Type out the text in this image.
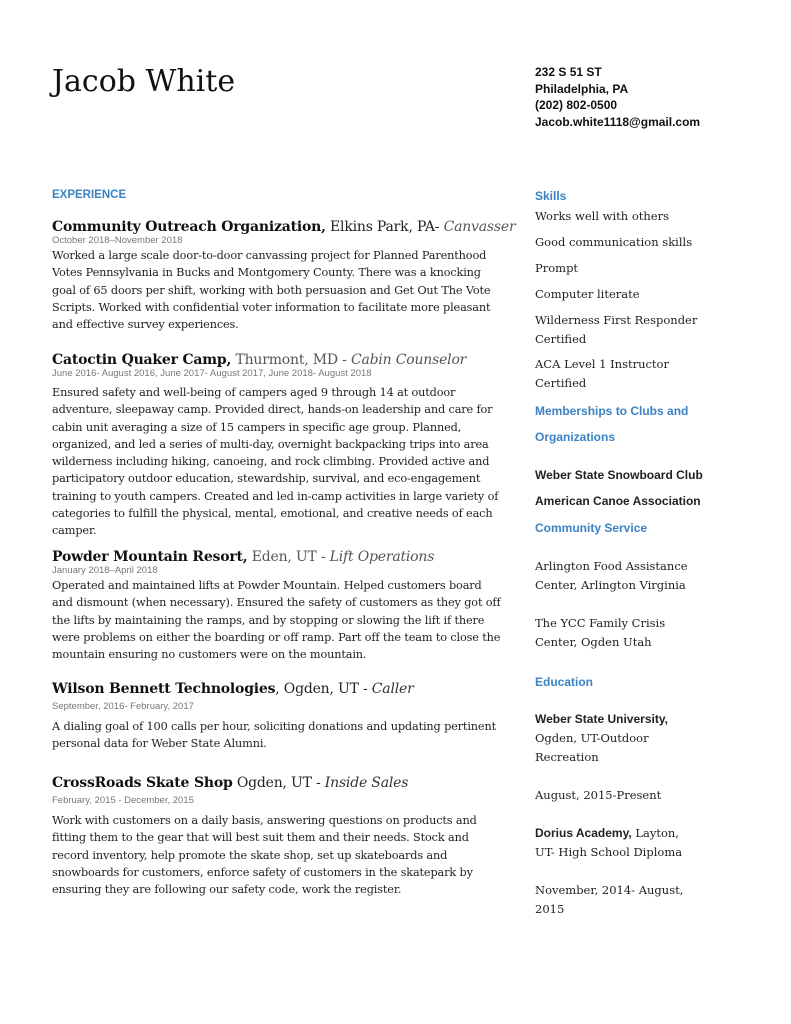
Jacob White	232 S 51 ST
Philadelphia, PA
(202) 802-0500
Jacob.white1118@gmail.com
EXPERIENCE
Community Outreach Organization, Elkins Park, PA- Canvasser
October 2018–November 2018
Worked a large scale door-to-door canvassing project for Planned Parenthood Votes Pennsylvania in Bucks and Montgomery County. There was a knocking goal of 65 doors per shift, working with both persuasion and Get Out The Vote Scripts. Worked with confidential voter information to facilitate more pleasant and effective survey experiences.
Catoctin Quaker Camp, Thurmont, MD - Cabin Counselor
June 2016- August 2016, June 2017- August 2017, June 2018- August 2018
Ensured safety and well-being of campers aged 9 through 14 at outdoor adventure, sleepaway camp. Provided direct, hands-on leadership and care for cabin unit averaging a size of 15 campers in specific age group. Planned, organized, and led a series of multi-day, overnight backpacking trips into area wilderness including hiking, canoeing, and rock climbing. Provided active and participatory outdoor education, stewardship, survival, and eco-engagement training to youth campers. Created and led in-camp activities in large variety of categories to fulfill the physical, mental, emotional, and creative needs of each camper.
Powder Mountain Resort, Eden, UT - Lift Operations
January 2018–April 2018
Operated and maintained lifts at Powder Mountain. Helped customers board and dismount (when necessary). Ensured the safety of customers as they got off the lifts by maintaining the ramps, and by stopping or slowing the lift if there were problems on either the boarding or off ramp. Part off the team to close the mountain ensuring no customers were on the mountain.
Wilson Bennett Technologies, Ogden, UT - Caller
September, 2016- February, 2017
A dialing goal of 100 calls per hour, soliciting donations and updating pertinent personal data for Weber State Alumni.
CrossRoads Skate Shop Ogden, UT - Inside Sales
February, 2015 - December, 2015
Work with customers on a daily basis, answering questions on products and fitting them to the gear that will best suit them and their needs. Stock and record inventory, help promote the skate shop, set up skateboards and snowboards for customers, enforce safety of customers in the skatepark by ensuring they are following our safety code, work the register.
Skills
Works well with others
Good communication skills
Prompt
Computer literate
Wilderness First Responder Certified
ACA Level 1 Instructor Certified
Memberships to Clubs and
Organizations
Weber State Snowboard Club
American Canoe Association
Community Service
Arlington Food Assistance Center, Arlington Virginia
The YCC Family Crisis Center, Ogden Utah
Education
Weber State University, Ogden, UT-Outdoor Recreation
August, 2015-Present
Dorius Academy, Layton, UT- High School Diploma
November, 2014- August, 2015
